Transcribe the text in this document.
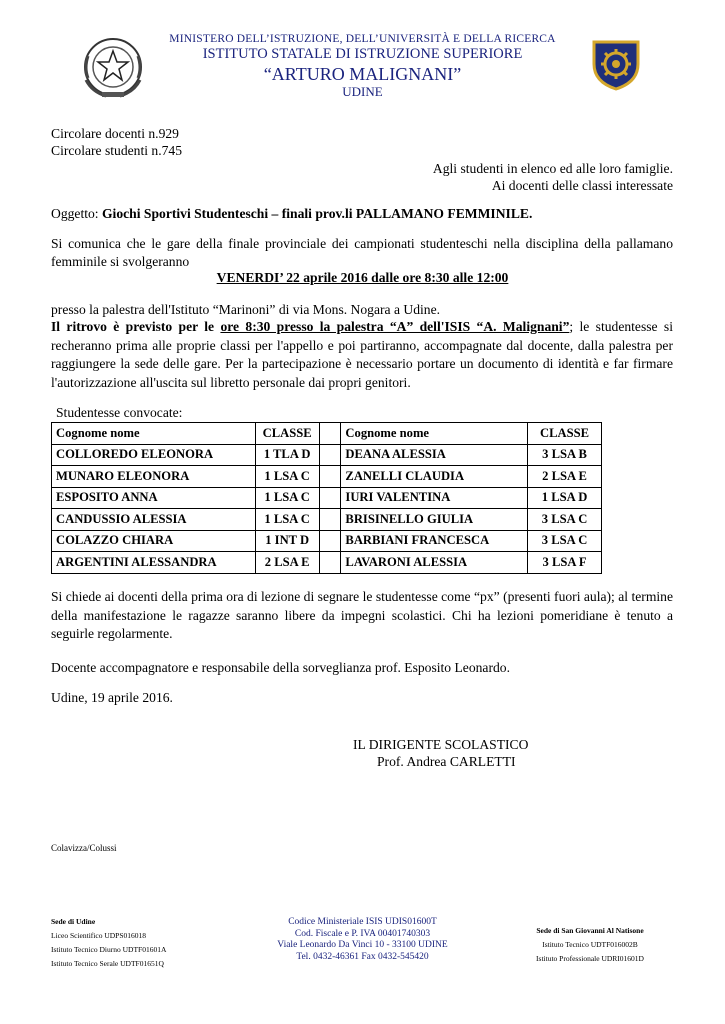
MINISTERO DELL’ISTRUZIONE, DELL’UNIVERSITÀ E DELLA RICERCA
ISTITUTO STATALE DI ISTRUZIONE SUPERIORE
“ARTURO MALIGNANI”
UDINE
Circolare docenti n.929
Circolare studenti n.745
Agli studenti in elenco ed alle loro famiglie.
Ai docenti delle classi interessate
Oggetto: Giochi Sportivi Studenteschi – finali prov.li PALLAMANO FEMMINILE.
Si comunica che le gare della finale provinciale dei campionati studenteschi nella disciplina della pallamano femminile si svolgeranno
VENERDI’ 22 aprile 2016 dalle ore 8:30 alle 12:00
presso la palestra dell'Istituto “Marinoni” di via Mons. Nogara a Udine.
Il ritrovo è previsto per le ore 8:30 presso la palestra “A” dell'ISIS “A. Malignani”; le studentesse si recheranno prima alle proprie classi per l'appello e poi partiranno, accompagnate dal docente, dalla palestra per raggiungere la sede delle gare. Per la partecipazione è necessario portare un documento di identità e far firmare l'autorizzazione all'uscita sul libretto personale dai propri genitori.
Studentesse convocate:
Cognome nome	CLASSE		Cognome nome	CLASSE
COLLOREDO ELEONORA	1 TLA D		DEANA ALESSIA	3 LSA B
MUNARO ELEONORA	1 LSA C		ZANELLI CLAUDIA	2 LSA E
ESPOSITO ANNA	1 LSA C		IURI VALENTINA	1 LSA D
CANDUSSIO ALESSIA	1 LSA C		BRISINELLO GIULIA	3 LSA C
COLAZZO CHIARA	1 INT D		BARBIANI FRANCESCA	3 LSA C
ARGENTINI ALESSANDRA	2 LSA E		LAVARONI ALESSIA	3 LSA F
Si chiede ai docenti della prima ora di lezione di segnare le studentesse come “px” (presenti fuori aula); al termine della manifestazione le ragazze saranno libere da impegni scolastici. Chi ha lezioni pomeridiane è tenuto a seguirle regolarmente.
Docente accompagnatore e responsabile della sorveglianza prof. Esposito Leonardo.
Udine, 19 aprile 2016.
IL DIRIGENTE SCOLASTICO
Prof. Andrea CARLETTI
Colavizza/Colussi
Sede di Udine
Liceo Scientifico UDPS016018
Istituto Tecnico Diurno UDTF01601A
Istituto Tecnico Serale UDTF01651Q
Codice Ministeriale ISIS UDIS01600T
Cod. Fiscale e P. IVA 00401740303
Viale Leonardo Da Vinci 10 - 33100 UDINE
Tel. 0432-46361 Fax 0432-545420
Sede di San Giovanni Al Natisone
Istituto Tecnico UDTF016002B
Istituto Professionale UDRI01601D
